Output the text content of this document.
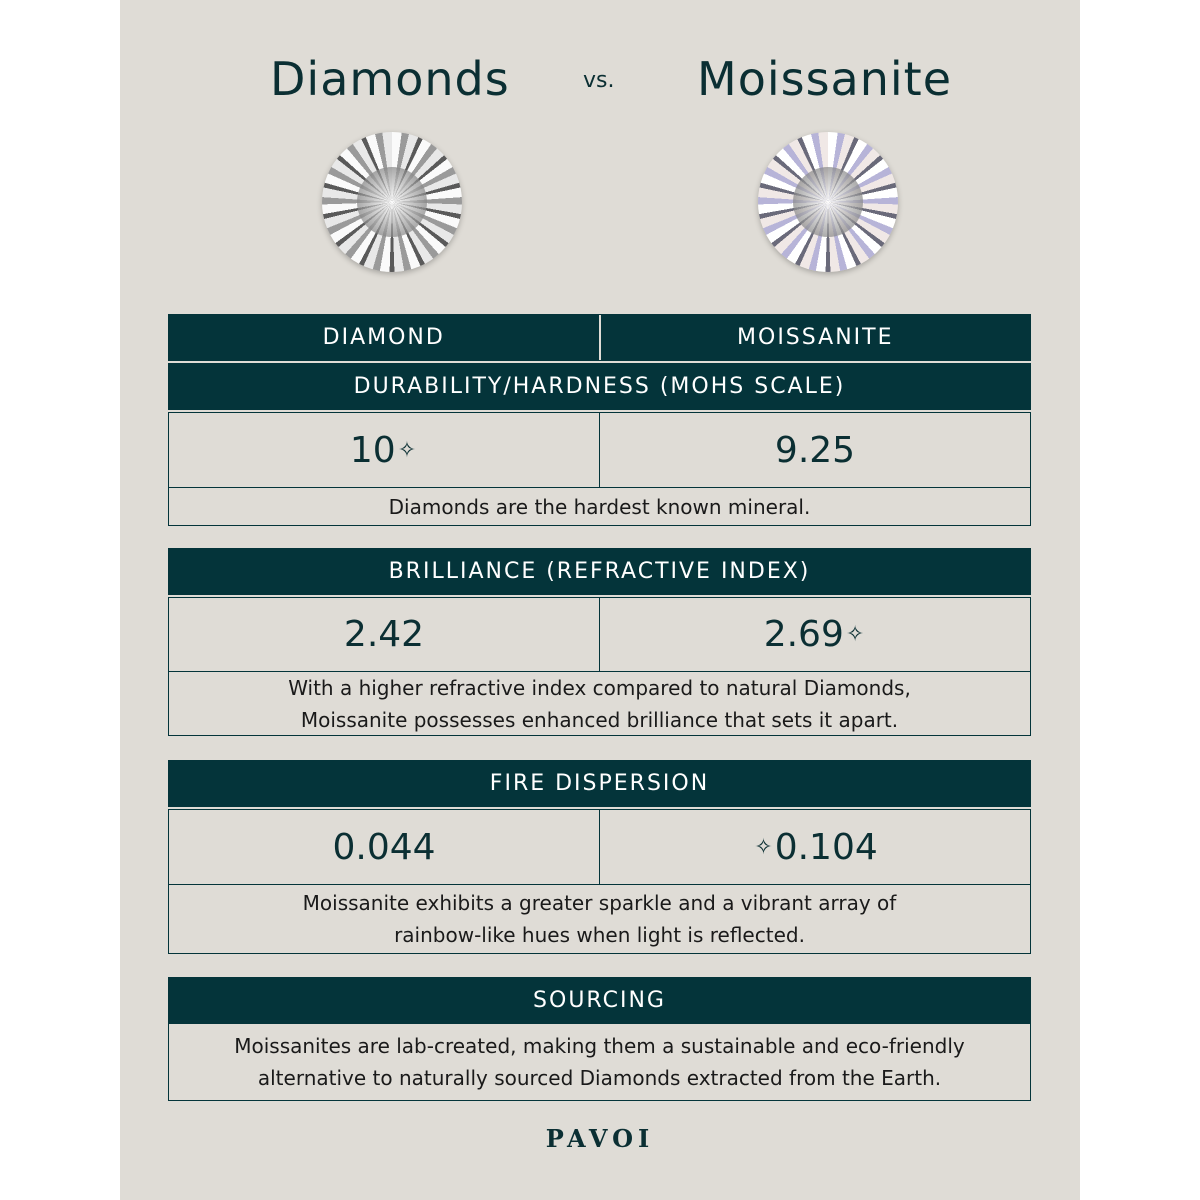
Diamonds	vs. Moissanite
DIAMOND	MOISSANITE
DURABILITY/HARDNESS (MOHS SCALE)
10 ✧	9.25
Diamonds are the hardest known mineral.
BRILLIANCE (REFRACTIVE INDEX)
2.42	2.69 ✧
With a higher refractive index compared to natural Diamonds,
Moissanite possesses enhanced brilliance that sets it apart.
FIRE DISPERSION
0.044	✧ 0.104
Moissanite exhibits a greater sparkle and a vibrant array of
rainbow-like hues when light is reflected.
SOURCING
Moissanites are lab-created, making them a sustainable and eco-friendly
alternative to naturally sourced Diamonds extracted from the Earth.
PAVOI
